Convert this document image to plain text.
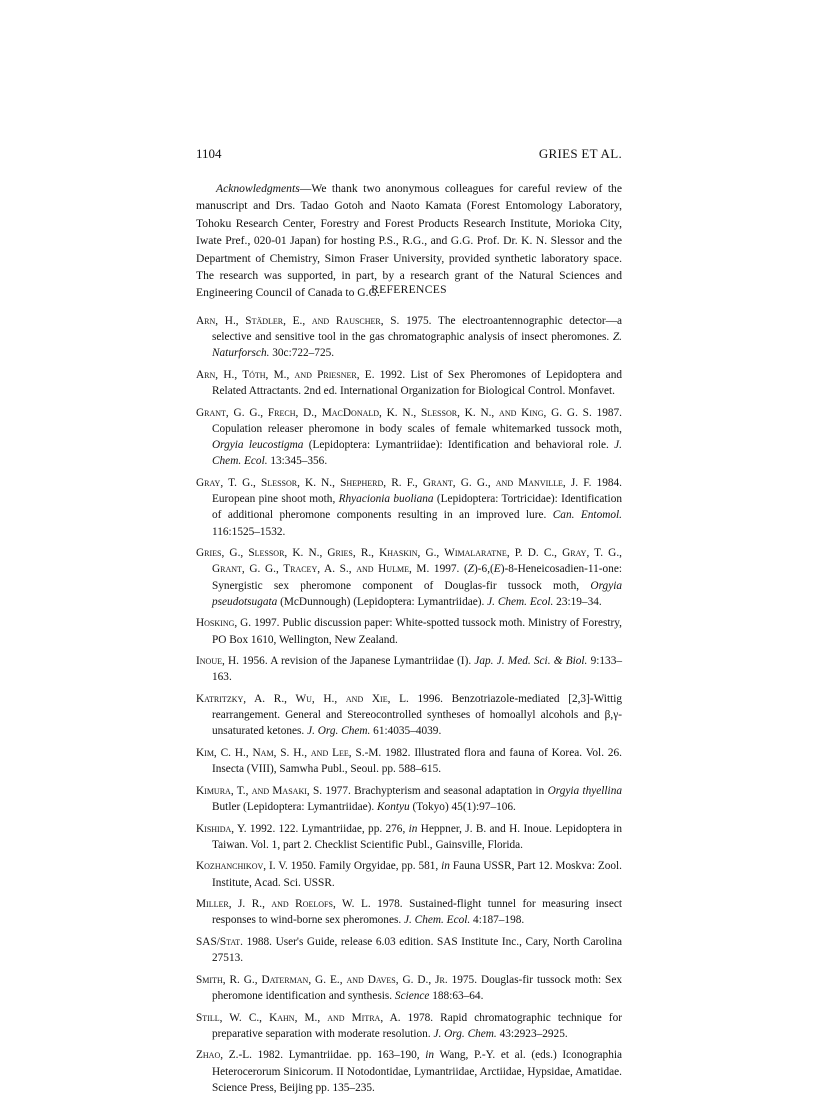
1104	GRIES ET AL.

Acknowledgments—We thank two anonymous colleagues for careful review of the manuscript and Drs. Tadao Gotoh and Naoto Kamata (Forest Entomology Laboratory, Tohoku Research Center, Forestry and Forest Products Research Institute, Morioka City, Iwate Pref., 020-01 Japan) for hosting P.S., R.G., and G.G. Prof. Dr. K. N. Slessor and the Department of Chemistry, Simon Fraser University, provided synthetic laboratory space. The research was supported, in part, by a research grant of the Natural Sciences and Engineering Council of Canada to G.G.

REFERENCES
Arn, H., Städler, E., and Rauscher, S. 1975. The electroantennographic detector—a selective and sensitive tool in the gas chromatographic analysis of insect pheromones. Z. Naturforsch. 30c:722–725.
Arn, H., Tóth, M., and Priesner, E. 1992. List of Sex Pheromones of Lepidoptera and Related Attractants. 2nd ed. International Organization for Biological Control. Monfavet.
Grant, G. G., Frech, D., MacDonald, K. N., Slessor, K. N., and King, G. G. S. 1987. Copulation releaser pheromone in body scales of female whitemarked tussock moth, Orgyia leucostigma (Lepidoptera: Lymantriidae): Identification and behavioral role. J. Chem. Ecol. 13:345–356.
Gray, T. G., Slessor, K. N., Shepherd, R. F., Grant, G. G., and Manville, J. F. 1984. European pine shoot moth, Rhyacionia buoliana (Lepidoptera: Tortricidae): Identification of additional pheromone components resulting in an improved lure. Can. Entomol. 116:1525–1532.
Gries, G., Slessor, K. N., Gries, R., Khaskin, G., Wimalaratne, P. D. C., Gray, T. G., Grant, G. G., Tracey, A. S., and Hulme, M. 1997. (Z)-6,(E)-8-Heneicosadien-11-one: Synergistic sex pheromone component of Douglas-fir tussock moth, Orgyia pseudotsugata (McDunnough) (Lepidoptera: Lymantriidae). J. Chem. Ecol. 23:19–34.
Hosking, G. 1997. Public discussion paper: White-spotted tussock moth. Ministry of Forestry, PO Box 1610, Wellington, New Zealand.
Inoue, H. 1956. A revision of the Japanese Lymantriidae (I). Jap. J. Med. Sci. & Biol. 9:133–163.
Katritzky, A. R., Wu, H., and Xie, L. 1996. Benzotriazole-mediated [2,3]-Wittig rearrangement. General and Stereocontrolled syntheses of homoallyl alcohols and β,γ-unsaturated ketones. J. Org. Chem. 61:4035–4039.
Kim, C. H., Nam, S. H., and Lee, S.-M. 1982. Illustrated flora and fauna of Korea. Vol. 26. Insecta (VIII), Samwha Publ., Seoul. pp. 588–615.
Kimura, T., and Masaki, S. 1977. Brachypterism and seasonal adaptation in Orgyia thyellina Butler (Lepidoptera: Lymantriidae). Kontyu (Tokyo) 45(1):97–106.
Kishida, Y. 1992. 122. Lymantriidae, pp. 276, in Heppner, J. B. and H. Inoue. Lepidoptera in Taiwan. Vol. 1, part 2. Checklist Scientific Publ., Gainsville, Florida.
Kozhanchikov, I. V. 1950. Family Orgyidae, pp. 581, in Fauna USSR, Part 12. Moskva: Zool. Institute, Acad. Sci. USSR.
Miller, J. R., and Roelofs, W. L. 1978. Sustained-flight tunnel for measuring insect responses to wind-borne sex pheromones. J. Chem. Ecol. 4:187–198.
SAS/Stat. 1988. User's Guide, release 6.03 edition. SAS Institute Inc., Cary, North Carolina 27513.
Smith, R. G., Daterman, G. E., and Daves, G. D., Jr. 1975. Douglas-fir tussock moth: Sex pheromone identification and synthesis. Science 188:63–64.
Still, W. C., Kahn, M., and Mitra, A. 1978. Rapid chromatographic technique for preparative separation with moderate resolution. J. Org. Chem. 43:2923–2925.
Zhao, Z.-L. 1982. Lymantriidae. pp. 163–190, in Wang, P.-Y. et al. (eds.) Iconographia Heterocerorum Sinicorum. II Notodontidae, Lymantriidae, Arctiidae, Hypsidae, Amatidae. Science Press, Beijing pp. 135–235.
